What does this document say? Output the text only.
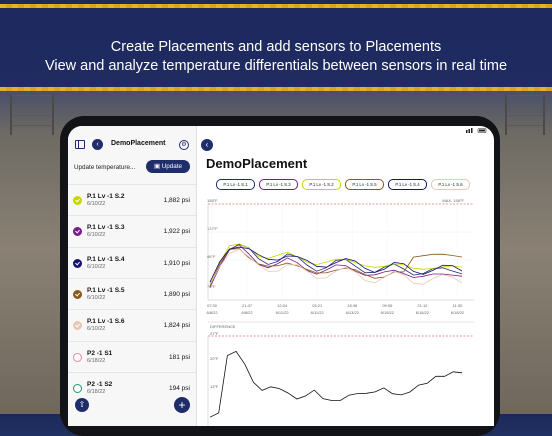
Create Placements and add sensors to Placements
View and analyze temperature differentials between sensors in real time
‹	DemoPlacement	⚙
Update temperature...	▣ Update
P.1 Lv -1 S.2
6/10/22	1,882 psi
P.1 Lv -1 S.3
6/10/22	1,922 psi
P.1 Lv -1 S.4
6/10/22	1,910 psi
P.1 Lv -1 S.5
6/10/22	1,890 psi
P.1 Lv -1 S.6
6/10/22	1,824 psi
P2 -1 S1
6/18/22	181 psi
P2 -1 S2
6/18/22	194 psi
⇧	+
‹
DemoPlacement
P.1 Lv -1 S.1	P.1 Lv -1 S.3	P.1 Lv -1 S.2	P.1 Lv -1 S.5	P.1 Lv -1 S.4	P.1 Lv -1 S.6
158°F	MAX. 158°F
122°F
86°F
70°F
07:30
6/8/22
21:47
6/8/22
12:04
6/11/22
03:21
6/11/22
18:38
6/13/22
09:55
6/15/22
21:12
6/16/22
11:30
6/18/22
DIFFERENCE
27°F
20°F
13°F
